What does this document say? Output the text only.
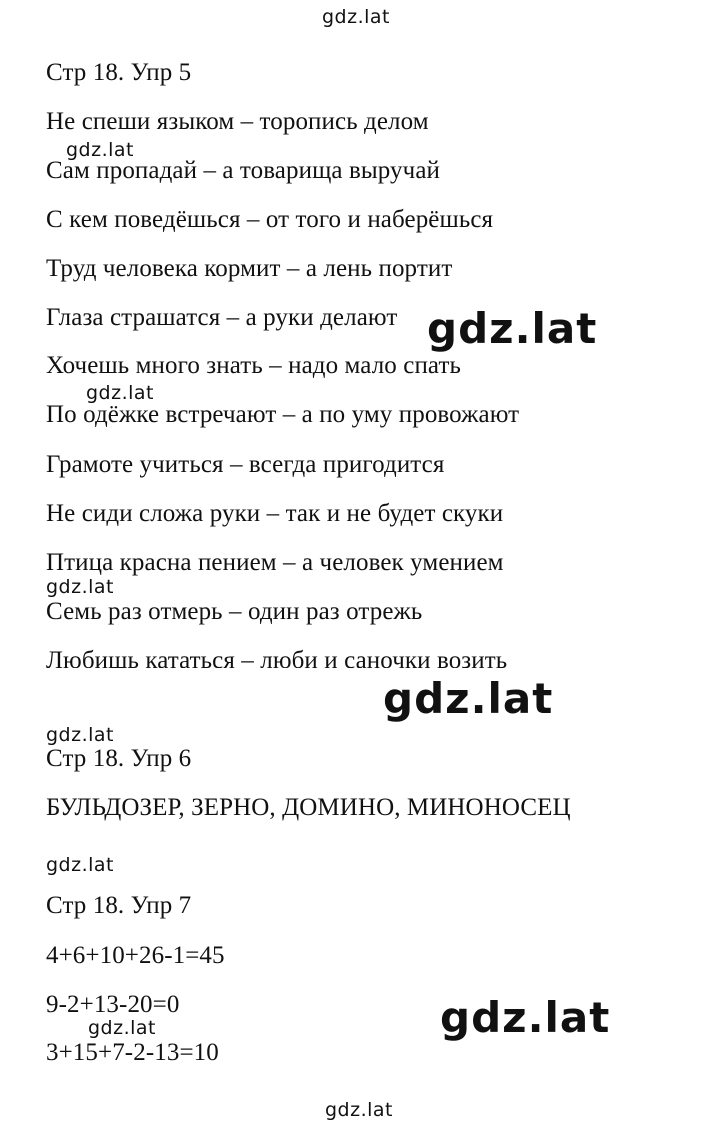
gdz.lat
Стр 18. Упр 5
Не спеши языком – торопись делом
gdz.lat
Сам пропадай – а товарища выручай
С кем поведёшься – от того и наберёшься
Труд человека кормит – а лень портит
Глаза страшатся – а руки делают gdz.lat
Хочешь много знать – надо мало спать
gdz.lat
По одёжке встречают – а по уму провожают
Грамоте учиться – всегда пригодится
Не сиди сложа руки – так и не будет скуки
Птица красна пением – а человек умением
gdz.lat
Семь раз отмерь – один раз отрежь
Любишь кататься – люби и саночки возить
gdz.lat
gdz.lat
Стр 18. Упр 6
БУЛЬДОЗЕР, ЗЕРНО, ДОМИНО, МИНОНОСЕЦ
gdz.lat
Стр 18. Упр 7
4+6+10+26-1=45
9-2+13-20=0	gdz.lat
gdz.lat
3+15+7-2-13=10
gdz.lat
